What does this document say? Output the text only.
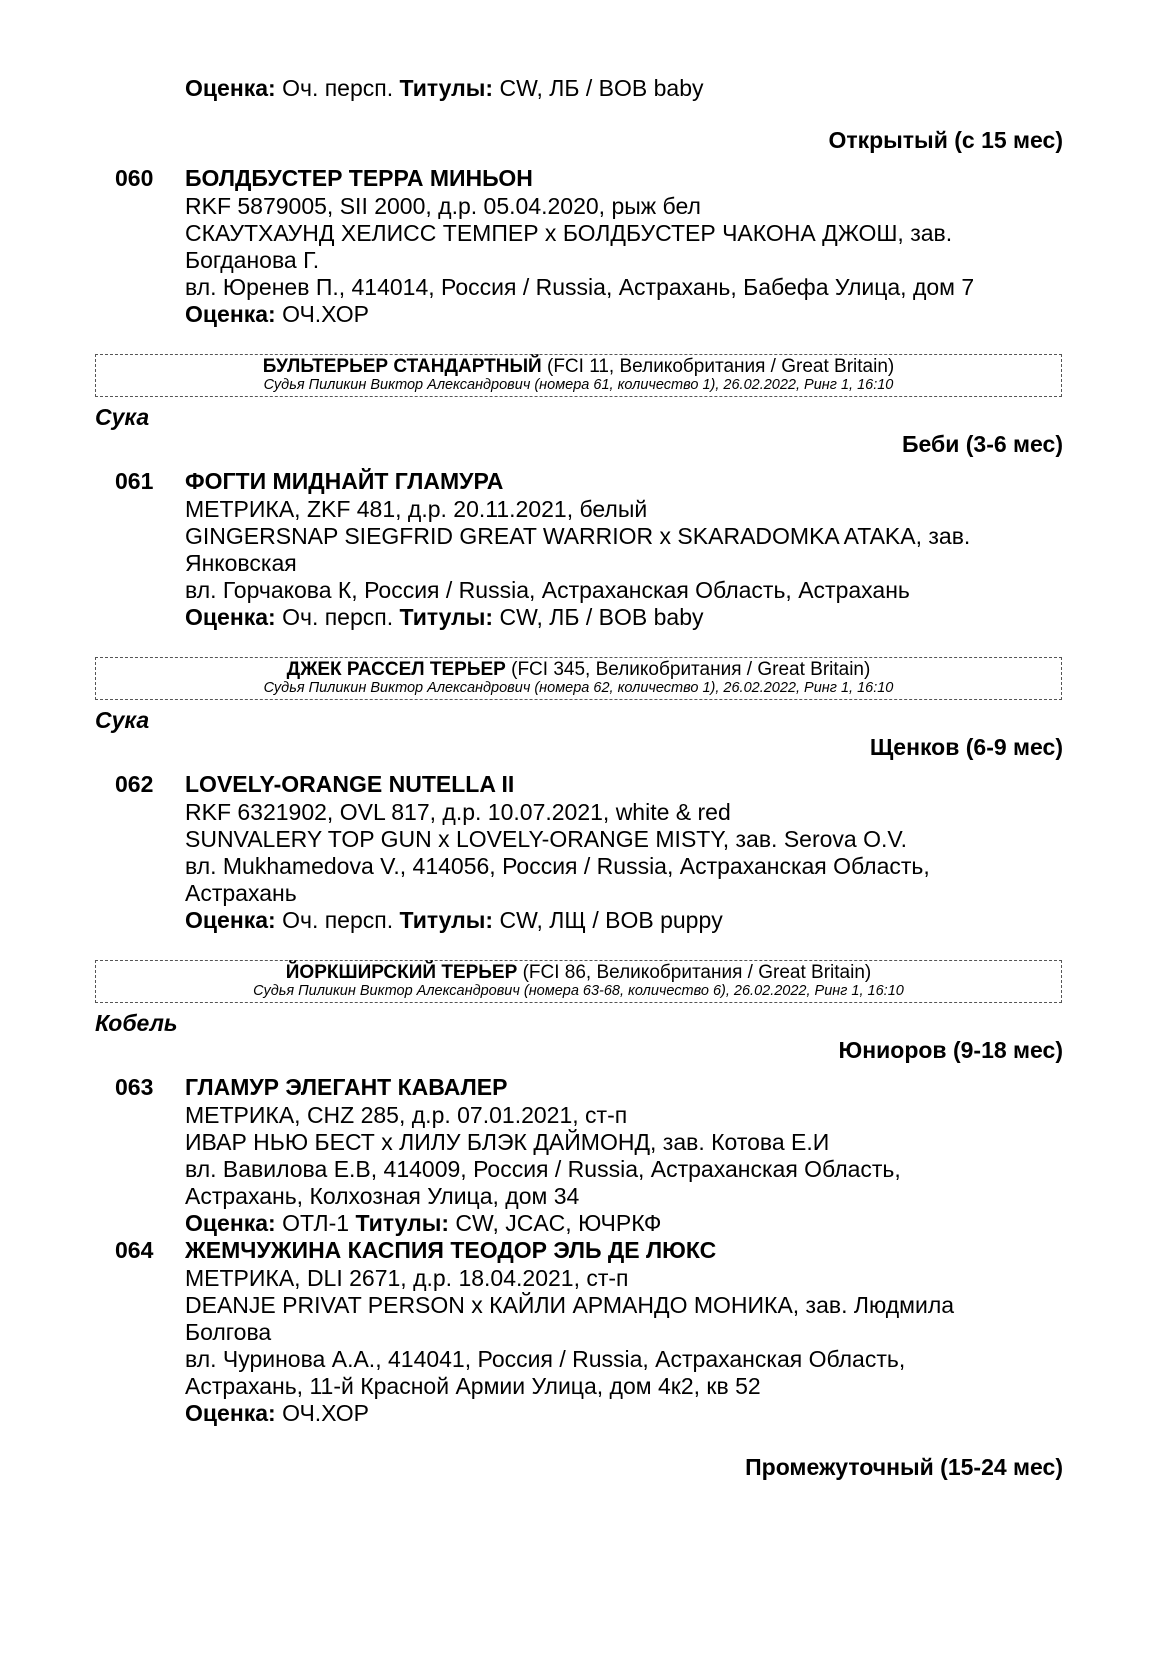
Оценка: Оч. персп. Титулы: CW, ЛБ / BOB baby
Открытый (с 15 мес)
060 БОЛДБУСТЕР ТЕРРА МИНЬОН
RKF 5879005, SII 2000, д.р. 05.04.2020, рыж бел
СКАУТХАУНД ХЕЛИСС ТЕМПЕР x БОЛДБУСТЕР ЧАКОНА ДЖОШ, зав.
Богданова Г.
вл. Юренев П., 414014, Россия / Russia, Астрахань, Бабефа Улица, дом 7
Оценка: ОЧ.ХОР
БУЛЬТЕРЬЕР СТАНДАРТНЫЙ (FCI 11, Великобритания / Great Britain)
Судья Пиликин Виктор Александрович (номера 61, количество 1), 26.02.2022, Ринг 1, 16:10
Сука
Беби (3-6 мес)
061 ФОГТИ МИДНАЙТ ГЛАМУРА
МЕТРИКА, ZKF 481, д.р. 20.11.2021, белый
GINGERSNAP SIEGFRID GREAT WARRIOR x SKARADOMKA ATAKA, зав.
Янковская
вл. Горчакова К, Россия / Russia, Астраханская Область, Астрахань
Оценка: Оч. персп. Титулы: CW, ЛБ / BOB baby
ДЖЕК РАССЕЛ ТЕРЬЕР (FCI 345, Великобритания / Great Britain)
Судья Пиликин Виктор Александрович (номера 62, количество 1), 26.02.2022, Ринг 1, 16:10
Сука
Щенков (6-9 мес)
062 LOVELY-ORANGE NUTELLA II
RKF 6321902, OVL 817, д.р. 10.07.2021, white & red
SUNVALERY TOP GUN x LOVELY-ORANGE MISTY, зав. Serova O.V.
вл. Mukhamedova V., 414056, Россия / Russia, Астраханская Область,
Астрахань
Оценка: Оч. персп. Титулы: CW, ЛЩ / BOB puppy
ЙОРКШИРСКИЙ ТЕРЬЕР (FCI 86, Великобритания / Great Britain)
Судья Пиликин Виктор Александрович (номера 63-68, количество 6), 26.02.2022, Ринг 1, 16:10
Кобель
Юниоров (9-18 мес)
063 ГЛАМУР ЭЛЕГАНТ КАВАЛЕР
МЕТРИКА, CHZ 285, д.р. 07.01.2021, ст-п
ИВАР НЬЮ БЕСТ x ЛИЛУ БЛЭК ДАЙМОНД, зав. Котова Е.И
вл. Вавилова Е.В, 414009, Россия / Russia, Астраханская Область,
Астрахань, Колхозная Улица, дом 34
Оценка: ОТЛ-1 Титулы: CW, JCAC, ЮЧРКФ
064 ЖЕМЧУЖИНА КАСПИЯ ТЕОДОР ЭЛЬ ДЕ ЛЮКС
МЕТРИКА, DLI 2671, д.р. 18.04.2021, ст-п
DEANJE PRIVAT PERSON x КАЙЛИ АРМАНДО МОНИКА, зав. Людмила
Болгова
вл. Чуринова А.А., 414041, Россия / Russia, Астраханская Область,
Астрахань, 11-й Красной Армии Улица, дом 4к2, кв 52
Оценка: ОЧ.ХОР
Промежуточный (15-24 мес)
